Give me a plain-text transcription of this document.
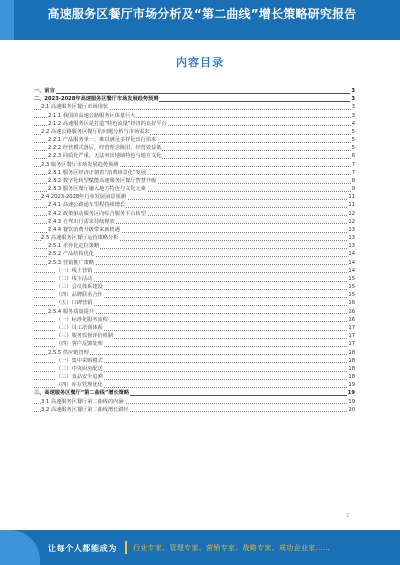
高速服务区餐厅市场分析及“第二曲线”增长策略研究报告
内容目录
一、前言	3
二、2023-2028年高速服务区餐厅市场发展趋势预测	3
2.1 高速服务区餐厅市场现状	3
2.1.1 我国的高速公路服务区体量巨大	3
2.1.2 高速服务区是打造“特色流量”经济的良好平台	4
2.2 高速公路服务区餐厅的问题分析与市场需求	5
2.2.1 产品服务单一，难以满足多样化出行需求	5
2.2.2 经营模式落后，经营理念陈旧，经营效益低	5
2.2.3 同质化严重，无法突出地域特色与地方文化	6
2.3 服务区餐厅市场发展趋势预测	7
2.3.1 服务区经济正朝着“消费场景化”发展	7
2.3.2 数字化转型赋能高速服务区餐厅智慧升级	8
2.3.3 服务区餐厅融入地方特色与文化元素	9
2.4 2023-2028年行业发展前景预测	11
2.4.1 高速公路通车里程持续增长	11
2.4.2 政策驱动服务区向综合服务平台转型	12
2.4.3 自驾出行需求持续释放	12
2.4.4 餐饮消费升级带来新机遇	13
2.5 高速服务区餐厅运营策略分析	13
2.5.1 差异化定位策略	13
2.5.2 产品结构优化	14
2.5.3 营销推广策略	14
（一）线上营销	14
（二）线下活动	15
（三）会员体系建设	15
（四）品牌联名合作	15
（五）口碑营销	16
2.5.4 服务质量提升	16
（一）标准化服务流程	16
（二）员工培训体系	17
（三）服务监督评价机制	17
（四）客户反馈处理	17
2.5.5 供应链管理	18
（一）集中采购模式	18
（二）中央厨房配送	18
（三）食品安全追溯	18
（四）库存管理优化	19
三、高速服务区餐厅“第二曲线”增长策略	19
3.1 高速服务区餐厅第二曲线的内涵	19
3.2 高速服务区餐厅第二曲线增长路径	20
2
让每个人都能成为 行业专家、管理专家、营销专家、战略专家、成功企业家……
